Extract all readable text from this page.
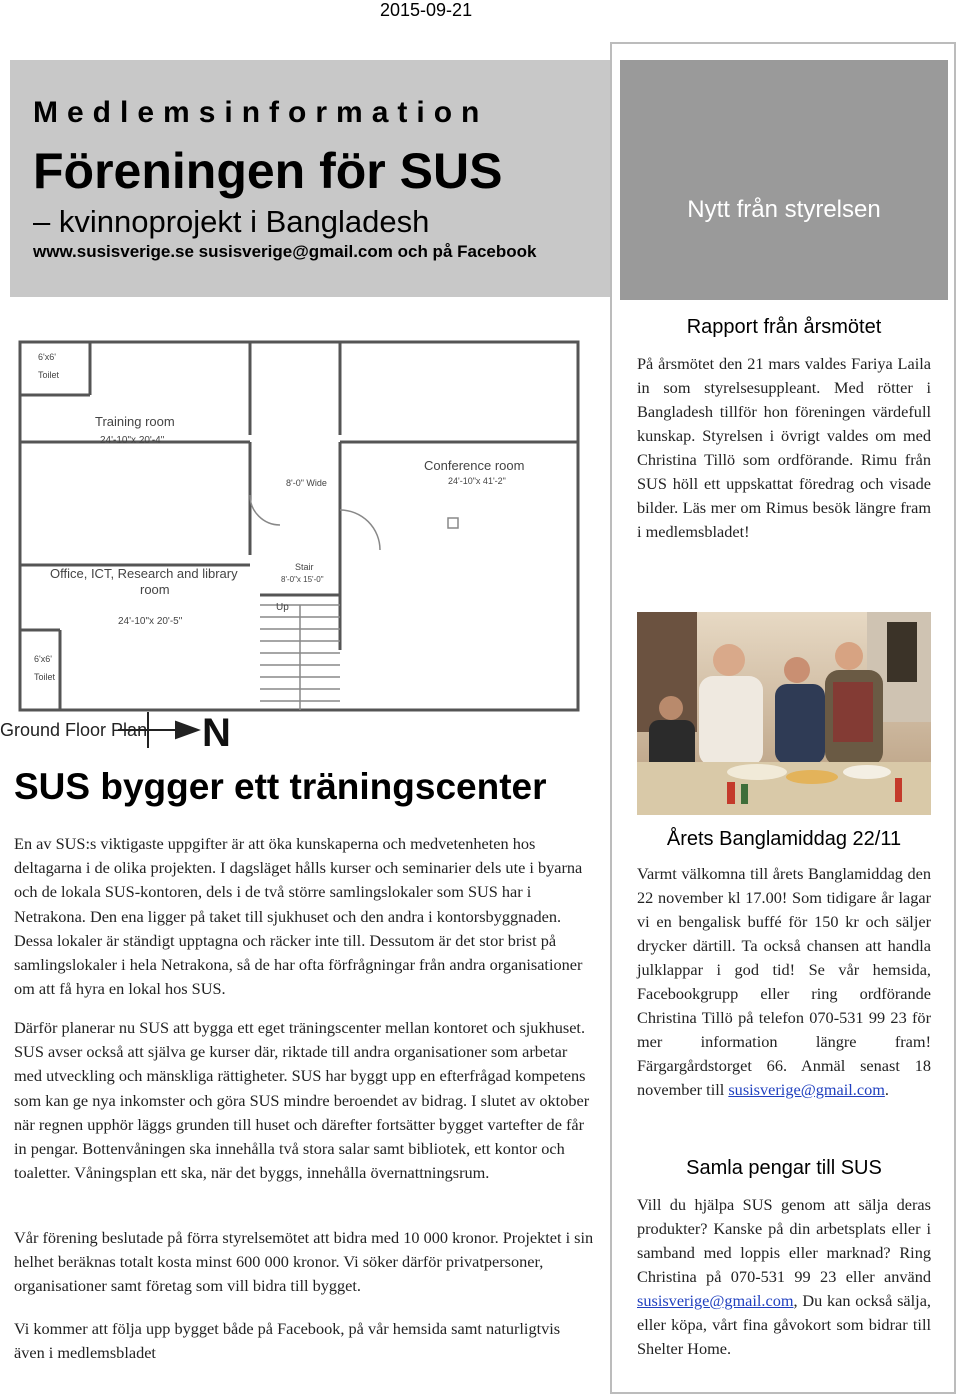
2015-09-21
Medlemsinformation
Föreningen för SUS
– kvinnoprojekt i Bangladesh
www.susisverige.se susisverige@gmail.com och på Facebook
Nytt från styrelsen
Rapport från årsmötet
På årsmötet den 21 mars valdes Fariya Laila in som styrelsesuppleant. Med rötter i Bangladesh tillför hon föreningen värdefull kunskap. Styrelsen i övrigt valdes om med Christina Tillö som ordförande. Rimu från SUS höll ett uppskattat föredrag och visade bilder. Läs mer om Rimus besök längre fram i medlemsbladet!
Årets Banglamiddag 22/11
Varmt välkomna till årets Banglamiddag den 22 november kl 17.00! Som tidigare år lagar vi en bengalisk buffé för 150 kr och säljer drycker därtill. Ta också chansen att handla julklappar i god tid! Se vår hemsida, Facebookgrupp eller ring ordförande Christina Tillö på telefon 070-531 99 23 för mer information längre fram! Färgargårdstorget 66. Anmäl senast 18 november till susisverige@gmail.com.
Samla pengar till SUS
Vill du hjälpa SUS genom att sälja deras produkter? Kanske på din arbetsplats eller i samband med loppis eller marknad? Ring Christina på 070-531 99 23 eller använd susisverige@gmail.com, Du kan också sälja, eller köpa, vårt fina gåvokort som bidrar till Shelter Home.
6'x6'
Toilet
Training room
24'-10"x 20'-4"
Conference room
24'-10"x 41'-2"
8'-0" Wide
Stair
8'-0"x 15'-0"
Up
Office, ICT, Research and library
room
24'-10"x 20'-5"
6'x6'
Toilet
Ground Floor Plan N
SUS bygger ett träningscenter
En av SUS:s viktigaste uppgifter är att öka kunskaperna och medvetenheten hos deltagarna i de olika projekten. I dagsläget hålls kurser och seminarier dels ute i byarna och de lokala SUS-kontoren, dels i de två större samlingslokaler som SUS har i Netrakona. Den ena ligger på taket till sjukhuset och den andra i kontorsbyggnaden. Dessa lokaler är ständigt upptagna och räcker inte till. Dessutom är det stor brist på samlingslokaler i hela Netrakona, så de har ofta förfrågningar från andra organisationer om att få hyra en lokal hos SUS.
Därför planerar nu SUS att bygga ett eget träningscenter mellan kontoret och sjukhuset. SUS avser också att själva ge kurser där, riktade till andra organisationer som arbetar med utveckling och mänskliga rättigheter. SUS har byggt upp en efterfrågad kompetens som kan ge nya inkomster och göra SUS mindre beroendet av bidrag. I slutet av oktober när regnen upphör läggs grunden till huset och därefter fortsätter bygget vartefter de får in pengar. Bottenvåningen ska innehålla två stora salar samt bibliotek, ett kontor och toaletter. Våningsplan ett ska, när det byggs, innehålla övernattningsrum.
Vår förening beslutade på förra styrelsemötet att bidra med 10 000 kronor. Projektet i sin helhet beräknas totalt kosta minst 600 000 kronor. Vi söker därför privatpersoner, organisationer samt företag som vill bidra till bygget.
Vi kommer att följa upp bygget både på Facebook, på vår hemsida samt naturligtvis även i medlemsbladet
